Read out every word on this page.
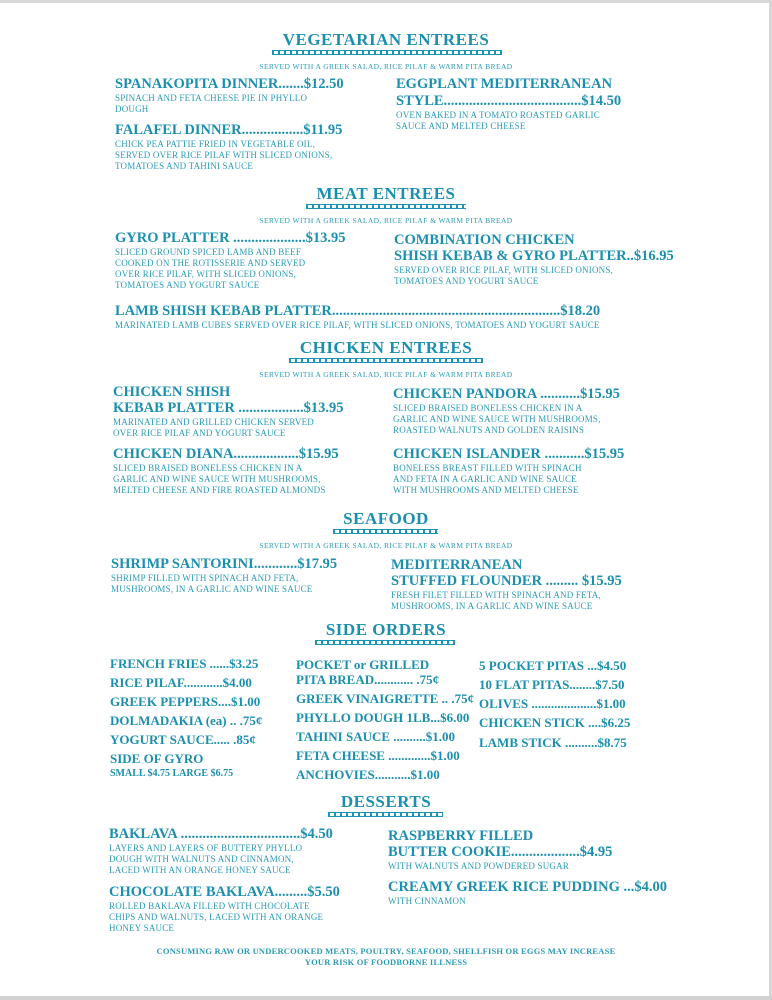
VEGETARIAN ENTREES
SERVED WITH A GREEK SALAD, RICE PILAF & WARM PITA BREAD
SPANAKOPITA DINNER.......$12.50
SPINACH AND FETA CHEESE PIE IN PHYLLO
DOUGH
EGGPLANT MEDITERRANEAN
STYLE......................................$14.50
OVEN BAKED IN A TOMATO ROASTED GARLIC
SAUCE AND MELTED CHEESE
FALAFEL DINNER.................$11.95
CHICK PEA PATTIE FRIED IN VEGETABLE OIL,
SERVED OVER RICE PILAF WITH SLICED ONIONS,
TOMATOES AND TAHINI SAUCE
MEAT ENTREES
SERVED WITH A GREEK SALAD, RICE PILAF & WARM PITA BREAD
GYRO PLATTER ....................$13.95
SLICED GROUND SPICED LAMB AND BEEF
COOKED ON THE ROTISSERIE AND SERVED
OVER RICE PILAF, WITH SLICED ONIONS,
TOMATOES AND YOGURT SAUCE
COMBINATION CHICKEN
SHISH KEBAB & GYRO PLATTER..$16.95
SERVED OVER RICE PILAF, WITH SLICED ONIONS,
TOMATOES AND YOGURT SAUCE
LAMB SHISH KEBAB PLATTER...............................................................$18.20
MARINATED LAMB CUBES SERVED OVER RICE PILAF, WITH SLICED ONIONS, TOMATOES AND YOGURT SAUCE
CHICKEN ENTREES
SERVED WITH A GREEK SALAD, RICE PILAF & WARM PITA BREAD
CHICKEN SHISH
KEBAB PLATTER ..................$13.95
MARINATED AND GRILLED CHICKEN SERVED
OVER RICE PILAF AND YOGURT SAUCE
CHICKEN PANDORA ...........$15.95
SLICED BRAISED BONELESS CHICKEN IN A
GARLIC AND WINE SAUCE WITH MUSHROOMS,
ROASTED WALNUTS AND GOLDEN RAISINS
CHICKEN DIANA..................$15.95
SLICED BRAISED BONELESS CHICKEN IN A
GARLIC AND WINE SAUCE WITH MUSHROOMS,
MELTED CHEESE AND FIRE ROASTED ALMONDS
CHICKEN ISLANDER ...........$15.95
BONELESS BREAST FILLED WITH SPINACH
AND FETA IN A GARLIC AND WINE SAUCE
WITH MUSHROOMS AND MELTED CHEESE
SEAFOOD
SERVED WITH A GREEK SALAD, RICE PILAF & WARM PITA BREAD
SHRIMP SANTORINI............$17.95
SHRIMP FILLED WITH SPINACH AND FETA,
MUSHROOMS, IN A GARLIC AND WINE SAUCE
MEDITERRANEAN
STUFFED FLOUNDER ......... $15.95
FRESH FILET FILLED WITH SPINACH AND FETA,
MUSHROOMS, IN A GARLIC AND WINE SAUCE
SIDE ORDERS
FRENCH FRIES ......$3.25
RICE PILAF............$4.00
GREEK PEPPERS....$1.00
DOLMADAKIA (ea) .. .75¢
YOGURT SAUCE..... .85¢
SIDE OF GYRO
SMALL $4.75 LARGE $6.75
POCKET or GRILLED
PITA BREAD............ .75¢
GREEK VINAIGRETTE .. .75¢
PHYLLO DOUGH 1LB...$6.00
TAHINI SAUCE ..........$1.00
FETA CHEESE .............$1.00
ANCHOVIES...........$1.00
5 POCKET PITAS ...$4.50
10 FLAT PITAS........$7.50
OLIVES ....................$1.00
CHICKEN STICK ....$6.25
LAMB STICK ..........$8.75
DESSERTS
BAKLAVA .................................$4.50
LAYERS AND LAYERS OF BUTTERY PHYLLO
DOUGH WITH WALNUTS AND CINNAMON,
LACED WITH AN ORANGE HONEY SAUCE
RASPBERRY FILLED
BUTTER COOKIE...................$4.95
WITH WALNUTS AND POWDERED SUGAR
CHOCOLATE BAKLAVA.........$5.50
ROLLED BAKLAVA FILLED WITH CHOCOLATE
CHIPS AND WALNUTS, LACED WITH AN ORANGE
HONEY SAUCE
CREAMY GREEK RICE PUDDING ...$4.00
WITH CINNAMON
CONSUMING RAW OR UNDERCOOKED MEATS, POULTRY, SEAFOOD, SHELLFISH OR EGGS MAY INCREASE
YOUR RISK OF FOODBORNE ILLNESS
